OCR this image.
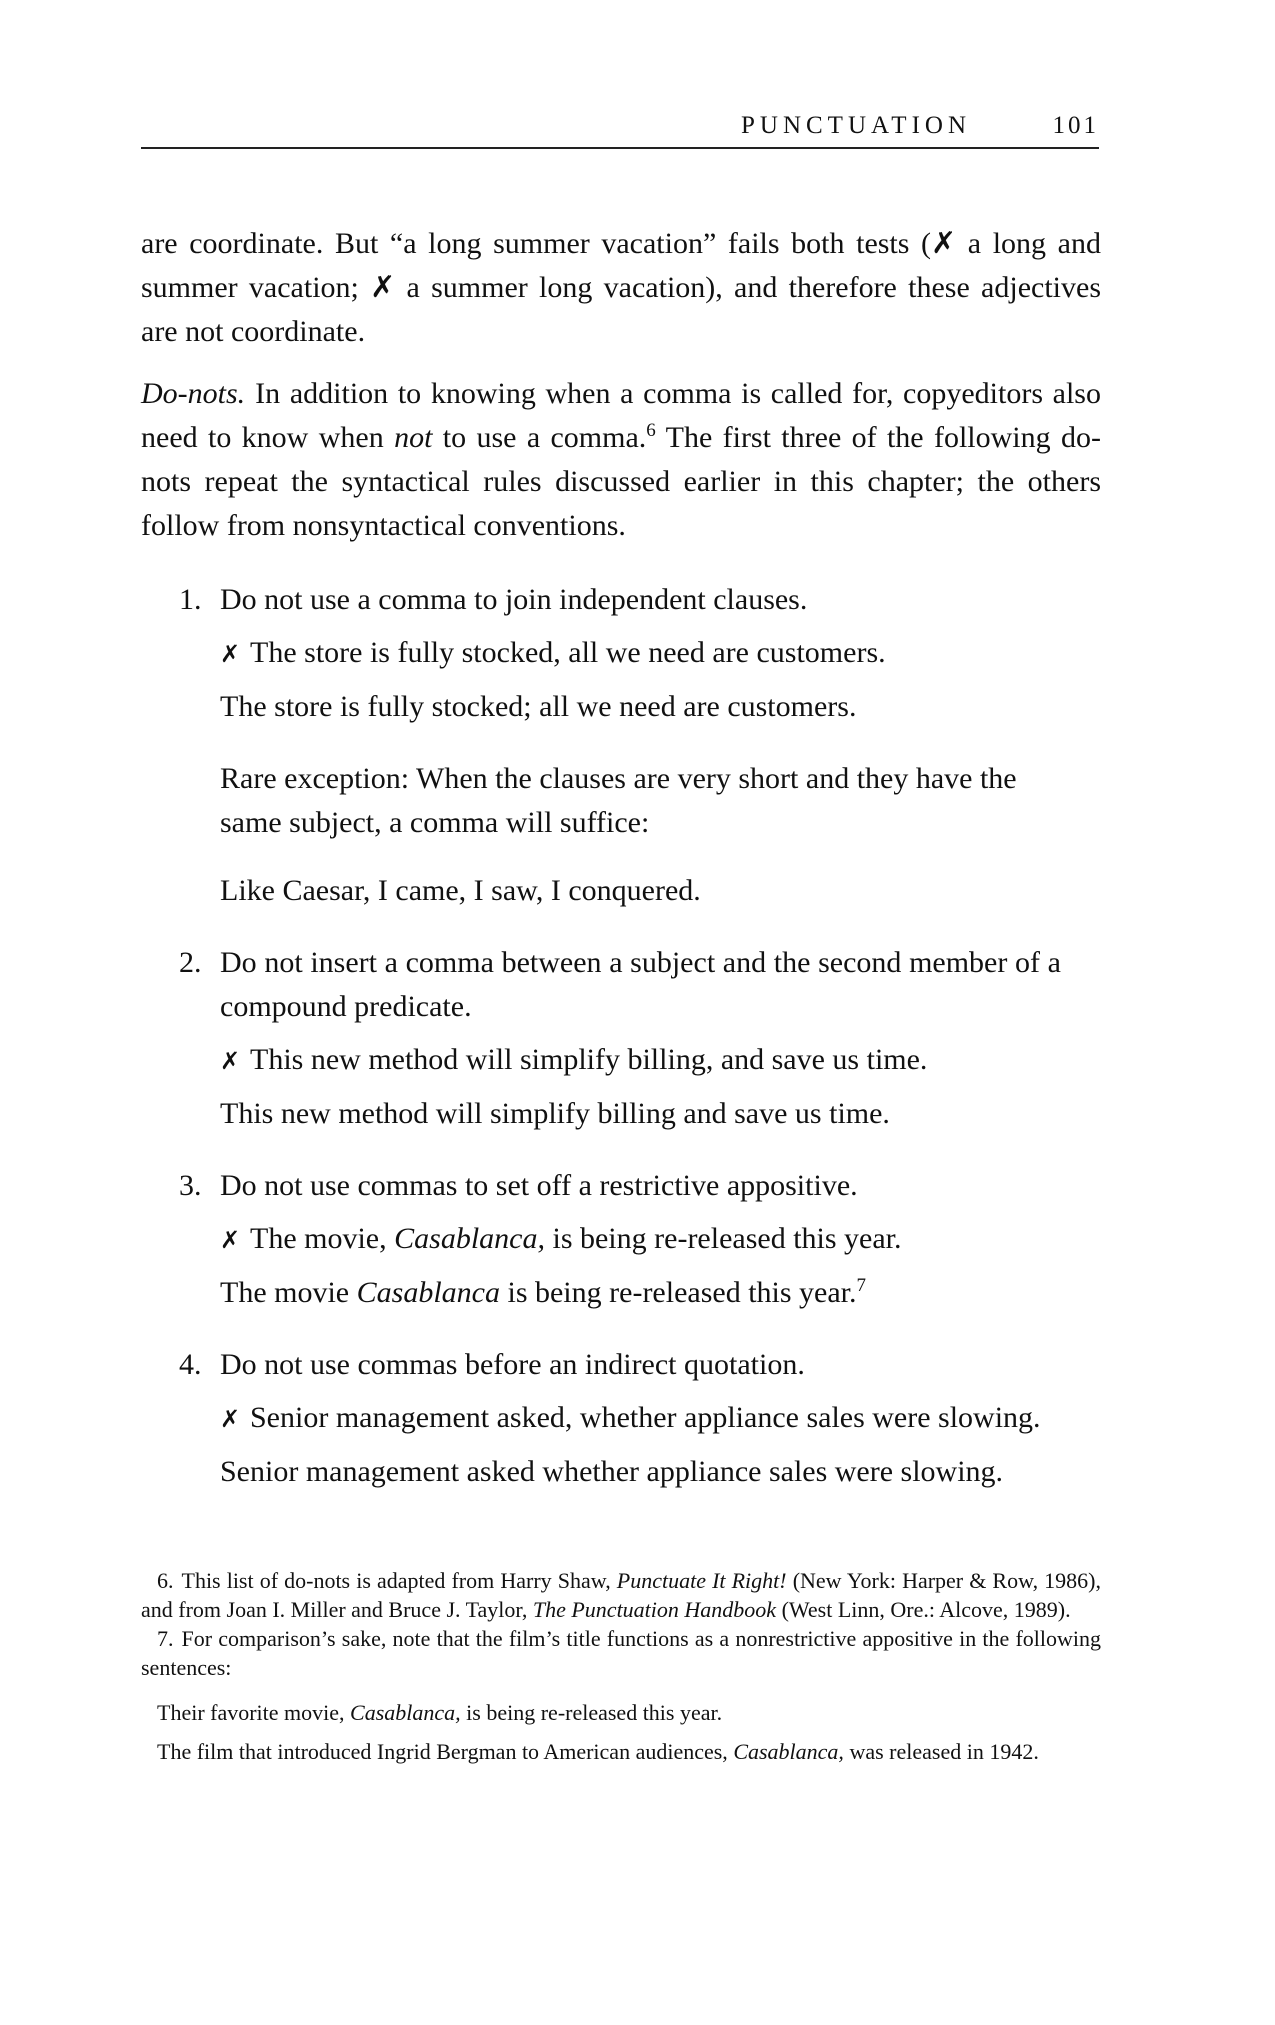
PUNCTUATION	101

are coordinate. But “a long summer vacation” fails both tests (✗ a long and summer vacation; ✗ a summer long vacation), and therefore these adjectives are not coordinate.

Do-nots. In addition to knowing when a comma is called for, copyeditors also need to know when not to use a comma.$^6$ The first three of the following do-nots repeat the syntactical rules discussed earlier in this chapter; the others follow from nonsyntactical conventions.

1. Do not use a comma to join independent clauses.

✗ The store is fully stocked, all we need are customers.
The store is fully stocked; all we need are customers.
Rare exception: When the clauses are very short and they have the same subject, a comma will suffice:
Like Caesar, I came, I saw, I conquered.
2. Do not insert a comma between a subject and the second member of a compound predicate.

✗ This new method will simplify billing, and save us time.
This new method will simplify billing and save us time.
3. Do not use commas to set off a restrictive appositive.

✗ The movie, Casablanca, is being re-released this year.
The movie Casablanca is being re-released this year.$^7$
4. Do not use commas before an indirect quotation.

✗ Senior management asked, whether appliance sales were slowing.
Senior management asked whether appliance sales were slowing.

6. This list of do-nots is adapted from Harry Shaw, Punctuate It Right! (New York: Harper & Row, 1986), and from Joan I. Miller and Bruce J. Taylor, The Punctuation Handbook (West Linn, Ore.: Alcove, 1989).

7. For comparison’s sake, note that the film’s title functions as a nonrestrictive appositive in the following sentences:

Their favorite movie, Casablanca, is being re-released this year.

The film that introduced Ingrid Bergman to American audiences, Casablanca, was released in 1942.
